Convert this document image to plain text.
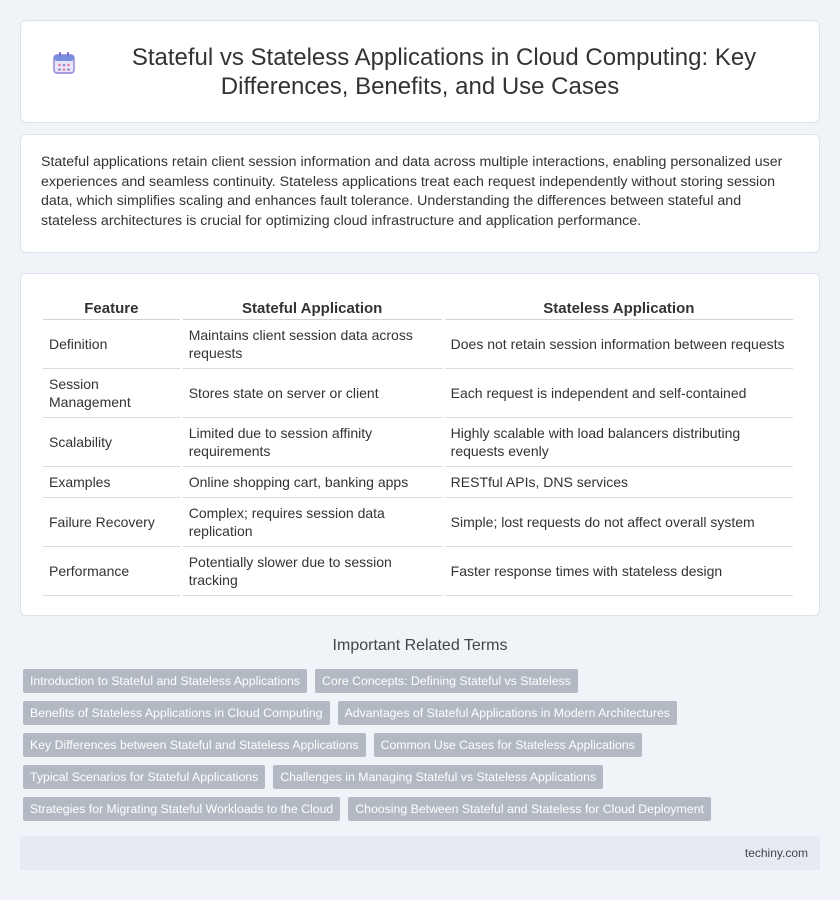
Stateful vs Stateless Applications in Cloud Computing: Key Differences, Benefits, and Use Cases

Stateful applications retain client session information and data across multiple interactions, enabling personalized user experiences and seamless continuity. Stateless applications treat each request independently without storing session data, which simplifies scaling and enhances fault tolerance. Understanding the differences between stateful and stateless architectures is crucial for optimizing cloud infrastructure and application performance.

Feature	Stateful Application	Stateless Application
Definition	Maintains client session data across requests	Does not retain session information between requests
Session Management	Stores state on server or client	Each request is independent and self-contained
Scalability	Limited due to session affinity requirements	Highly scalable with load balancers distributing requests evenly
Examples	Online shopping cart, banking apps	RESTful APIs, DNS services
Failure Recovery	Complex; requires session data replication	Simple; lost requests do not affect overall system
Performance	Potentially slower due to session tracking	Faster response times with stateless design
Important Related Terms
Introduction to Stateful and Stateless Applications	Core Concepts: Defining Stateful vs Stateless
Benefits of Stateless Applications in Cloud Computing	Advantages of Stateful Applications in Modern Architectures
Key Differences between Stateful and Stateless Applications	Common Use Cases for Stateless Applications
Typical Scenarios for Stateful Applications	Challenges in Managing Stateful vs Stateless Applications
Strategies for Migrating Stateful Workloads to the Cloud	Choosing Between Stateful and Stateless for Cloud Deployment
techiny.com
